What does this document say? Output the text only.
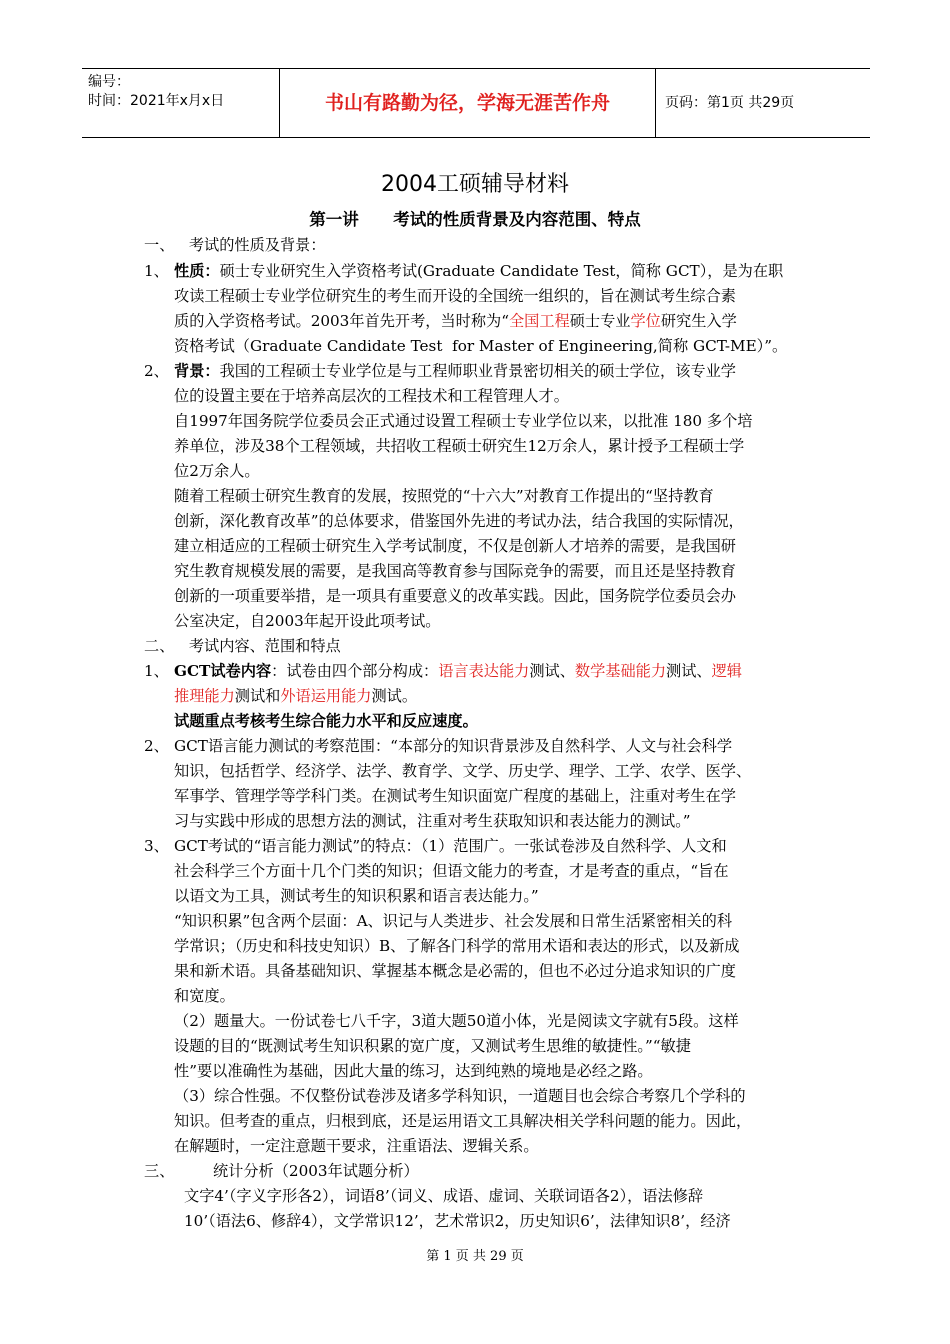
编号：
时间：2021年x月x日	书山有路勤为径，学海无涯苦作舟	页码：第1页 共29页
2004工硕辅导材料
第一讲      考试的性质背景及内容范围、特点
一、   考试的性质及背景：
1、 性质：硕士专业研究生入学资格考试(Graduate Candidate Test，简称 GCT），是为在职
攻读工程硕士专业学位研究生的考生而开设的全国统一组织的，旨在测试考生综合素
质的入学资格考试。2003年首先开考，当时称为“全国工程硕士专业学位研究生入学
资格考试（Graduate Candidate Test  for Master of Engineering,简称 GCT-ME）”。
2、 背景：我国的工程硕士专业学位是与工程师职业背景密切相关的硕士学位，该专业学
位的设置主要在于培养高层次的工程技术和工程管理人才。
自1997年国务院学位委员会正式通过设置工程硕士专业学位以来，以批准 180 多个培
养单位，涉及38个工程领域，共招收工程硕士研究生12万余人，累计授予工程硕士学
位2万余人。
随着工程硕士研究生教育的发展，按照党的“十六大”对教育工作提出的“坚持教育
创新，深化教育改革”的总体要求，借鉴国外先进的考试办法，结合我国的实际情况，
建立相适应的工程硕士研究生入学考试制度，不仅是创新人才培养的需要，是我国研
究生教育规模发展的需要，是我国高等教育参与国际竞争的需要，而且还是坚持教育
创新的一项重要举措，是一项具有重要意义的改革实践。因此，国务院学位委员会办
公室决定，自2003年起开设此项考试。
二、   考试内容、范围和特点
1、 GCT试卷内容：试卷由四个部分构成：语言表达能力测试、数学基础能力测试、逻辑
推理能力测试和外语运用能力测试。
试题重点考核考生综合能力水平和反应速度。
2、 GCT语言能力测试的考察范围：“本部分的知识背景涉及自然科学、人文与社会科学
知识，包括哲学、经济学、法学、教育学、文学、历史学、理学、工学、农学、医学、
军事学、管理学等学科门类。在测试考生知识面宽广程度的基础上，注重对考生在学
习与实践中形成的思想方法的测试，注重对考生获取知识和表达能力的测试。”
3、 GCT考试的“语言能力测试”的特点：（1）范围广。一张试卷涉及自然科学、人文和
社会科学三个方面十几个门类的知识；但语文能力的考查，才是考查的重点，“旨在
以语文为工具，测试考生的知识积累和语言表达能力。”
“知识积累”包含两个层面：A、识记与人类进步、社会发展和日常生活紧密相关的科
学常识；（历史和科技史知识）B、了解各门科学的常用术语和表达的形式，以及新成
果和新术语。具备基础知识、掌握基本概念是必需的，但也不必过分追求知识的广度
和宽度。
（2）题量大。一份试卷七八千字，3道大题50道小体，光是阅读文字就有5段。这样
设题的目的“既测试考生知识积累的宽广度，又测试考生思维的敏捷性。”“敏捷
性”要以准确性为基础，因此大量的练习，达到纯熟的境地是必经之路。
（3）综合性强。不仅整份试卷涉及诸多学科知识，一道题目也会综合考察几个学科的
知识。但考查的重点，归根到底，还是运用语文工具解决相关学科问题的能力。因此，
在解题时，一定注意题干要求，注重语法、逻辑关系。
三、        统计分析（2003年试题分析）
文字4’（字义字形各2），词语8’（词义、成语、虚词、关联词语各2），语法修辞
10’（语法6、修辞4），文学常识12’，艺术常识2，历史知识6’，法律知识8’，经济
第 1 页 共 29 页
